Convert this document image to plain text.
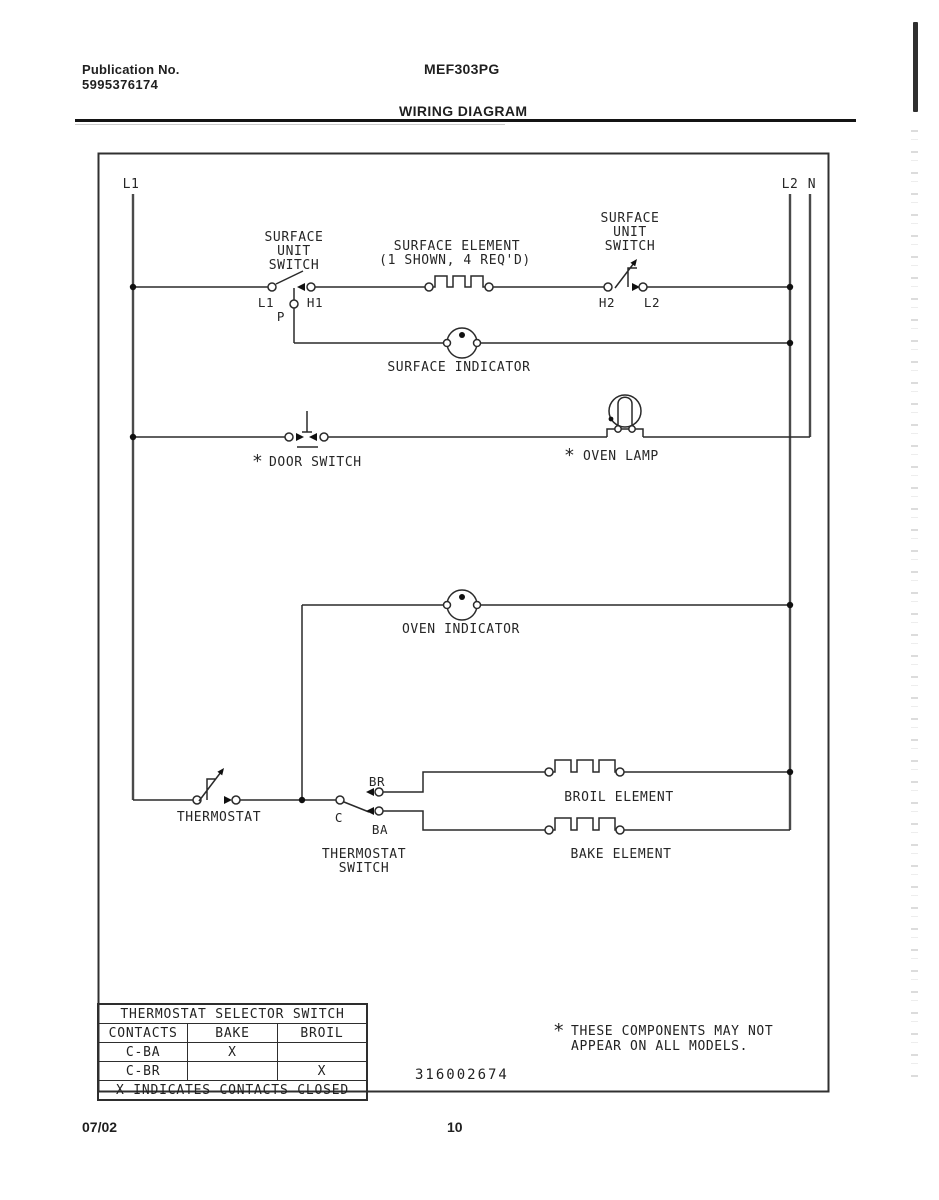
Publication No.
5995376174
MEF303PG
WIRING DIAGRAM
L1	L2 N
SURFACE
UNIT
SWITCH
L1	H1
P
SURFACE ELEMENT
(1 SHOWN, 4 REQ'D)
SURFACE
UNIT
SWITCH
H2 L2
SURFACE INDICATOR
* DOOR SWITCH	* OVEN LAMP
OVEN INDICATOR
THERMOSTAT	C
BR
BA
THERMOSTAT
SWITCH
BROIL ELEMENT
BAKE ELEMENT
THERMOSTAT SELECTOR SWITCH		
CONTACTS	BAKE	BROIL
C-BA	X	
C-BR		X
X INDICATES CONTACTS CLOSED		
* THESE COMPONENTS MAY NOT
APPEAR ON ALL MODELS.
316002674
07/02	10
